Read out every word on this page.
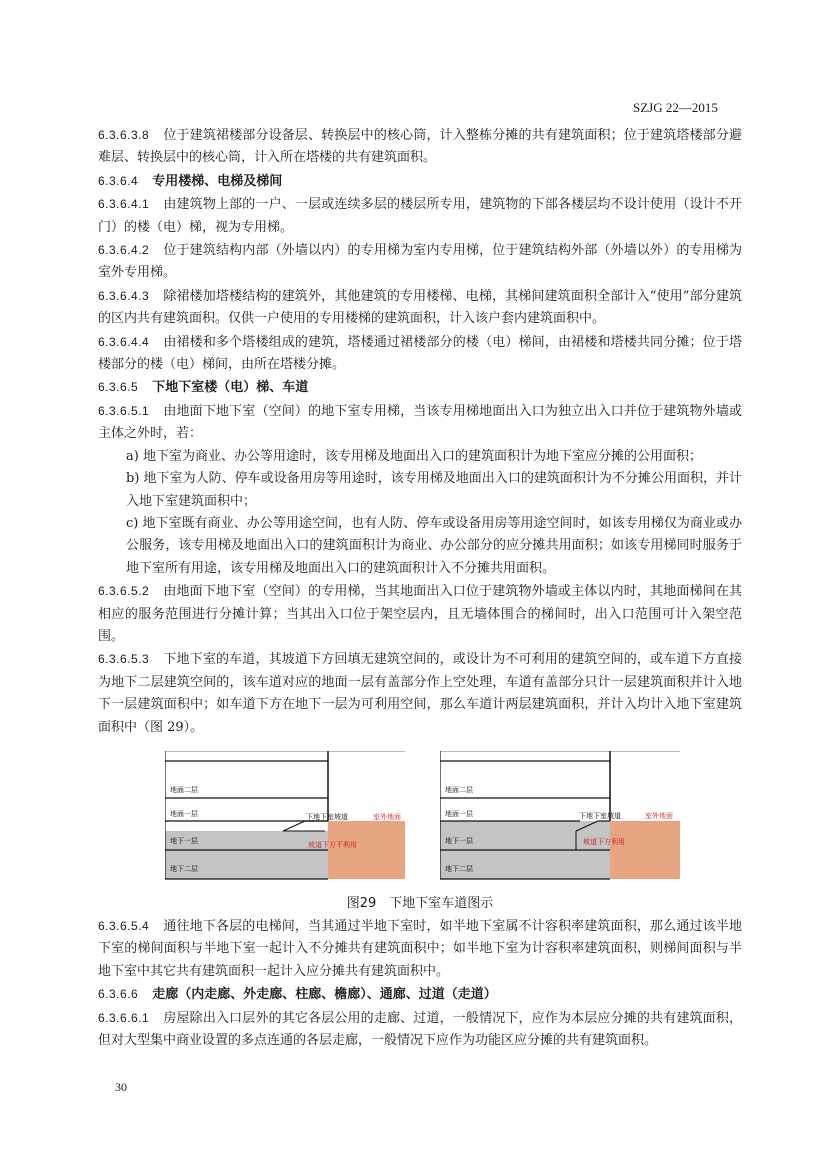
SZJG 22—2015

6.3.6.3.8 位于建筑裙楼部分设备层、转换层中的核心筒，计入整栋分摊的共有建筑面积；位于建筑塔楼部分避难层、转换层中的核心筒，计入所在塔楼的共有建筑面积。

6.3.6.4 专用楼梯、电梯及梯间

6.3.6.4.1 由建筑物上部的一户、一层或连续多层的楼层所专用，建筑物的下部各楼层均不设计使用（设计不开门）的楼（电）梯，视为专用梯。

6.3.6.4.2 位于建筑结构内部（外墙以内）的专用梯为室内专用梯，位于建筑结构外部（外墙以外）的专用梯为室外专用梯。

6.3.6.4.3 除裙楼加塔楼结构的建筑外，其他建筑的专用楼梯、电梯，其梯间建筑面积全部计入“使用”部分建筑的区内共有建筑面积。仅供一户使用的专用楼梯的建筑面积，计入该户套内建筑面积中。

6.3.6.4.4 由裙楼和多个塔楼组成的建筑，塔楼通过裙楼部分的楼（电）梯间，由裙楼和塔楼共同分摊；位于塔楼部分的楼（电）梯间，由所在塔楼分摊。

6.3.6.5 下地下室楼（电）梯、车道

6.3.6.5.1 由地面下地下室（空间）的地下室专用梯，当该专用梯地面出入口为独立出入口并位于建筑物外墙或主体之外时，若：

a) 地下室为商业、办公等用途时，该专用梯及地面出入口的建筑面积计为地下室应分摊的公用面积；

b) 地下室为人防、停车或设备用房等用途时，该专用梯及地面出入口的建筑面积计为不分摊公用面积，并计入地下室建筑面积中；

c) 地下室既有商业、办公等用途空间，也有人防、停车或设备用房等用途空间时，如该专用梯仅为商业或办公服务，该专用梯及地面出入口的建筑面积计为商业、办公部分的应分摊共用面积；如该专用梯同时服务于地下室所有用途，该专用梯及地面出入口的建筑面积计入不分摊共用面积。

6.3.6.5.2 由地面下地下室（空间）的专用梯，当其地面出入口位于建筑物外墙或主体以内时，其地面梯间在其相应的服务范围进行分摊计算；当其出入口位于架空层内，且无墙体围合的梯间时，出入口范围可计入架空范围。

6.3.6.5.3 下地下室的车道，其坡道下方回填无建筑空间的，或设计为不可利用的建筑空间的，或车道下方直接为地下二层建筑空间的，该车道对应的地面一层有盖部分作上空处理，车道有盖部分只计一层建筑面积并计入地下一层建筑面积中；如车道下方在地下一层为可利用空间，那么车道计两层建筑面积，并计入均计入地下室建筑面积中（图 29）。

地面二层
地面一层
地下一层
地下二层
下地下室坡道	室外地面
坡道下方不利用
地面二层
地面一层
地下一层
地下二层
下地下室坡道	室外地面
坡道下方利用
图29　下地下室车道图示

6.3.6.5.4 通往地下各层的电梯间，当其通过半地下室时，如半地下室属不计容积率建筑面积，那么通过该半地下室的梯间面积与半地下室一起计入不分摊共有建筑面积中；如半地下室为计容积率建筑面积，则梯间面积与半地下室中其它共有建筑面积一起计入应分摊共有建筑面积中。

6.3.6.6 走廊（内走廊、外走廊、柱廊、檐廊）、通廊、过道（走道）

6.3.6.6.1 房屋除出入口层外的其它各层公用的走廊、过道，一般情况下，应作为本层应分摊的共有建筑面积，但对大型集中商业设置的多点连通的各层走廊，一般情况下应作为功能区应分摊的共有建筑面积。

30
